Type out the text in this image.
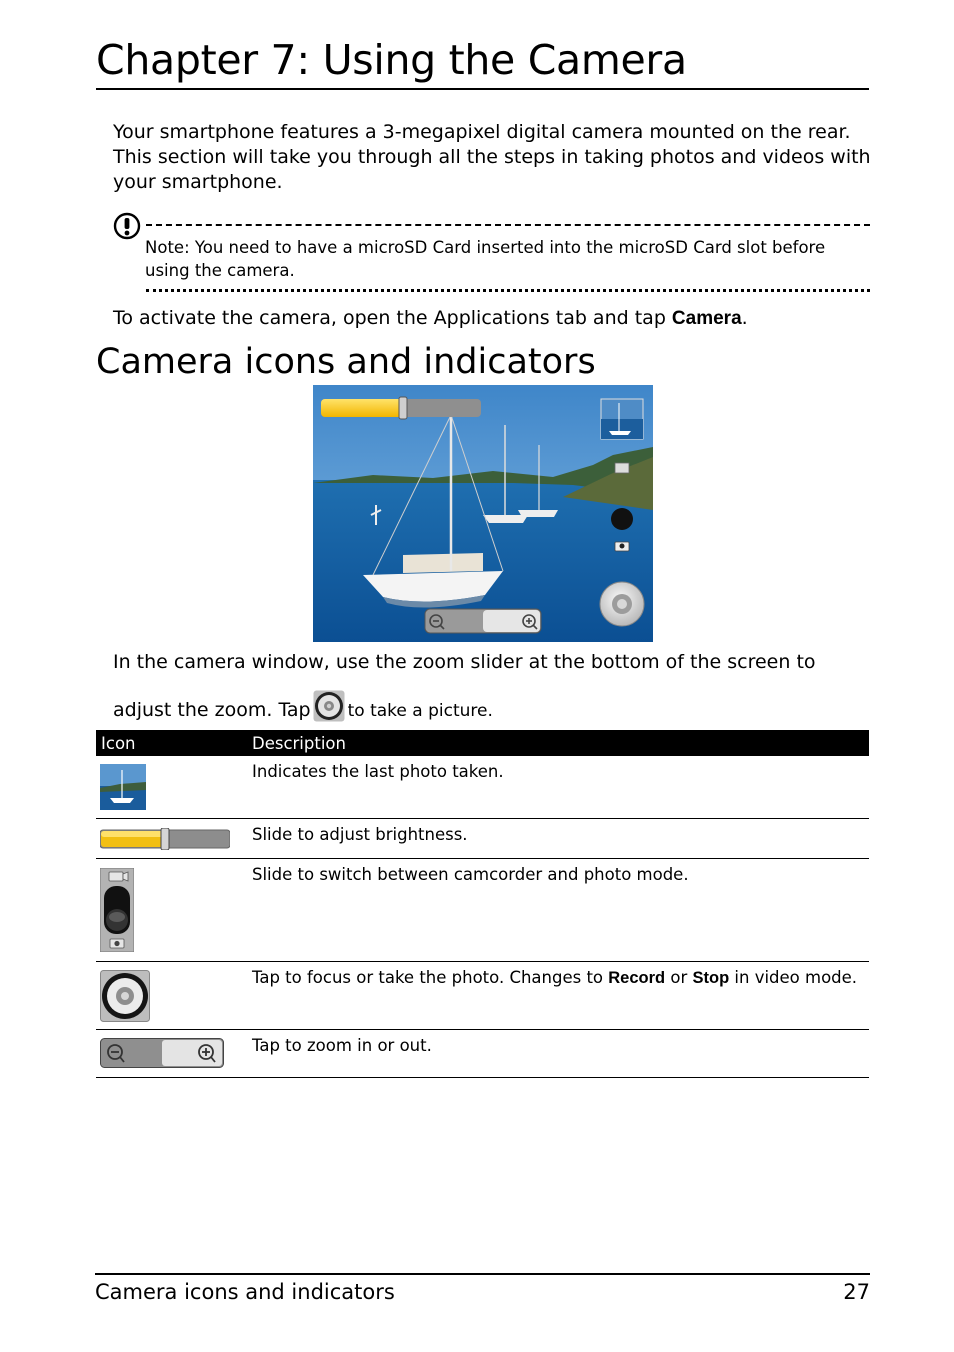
Chapter 7: Using the Camera

Your smartphone features a 3-megapixel digital camera mounted on the rear. This section will take you through all the steps in taking photos and videos with your smartphone.

Note: You need to have a microSD Card inserted into the microSD Card slot before using the camera.

To activate the camera, open the Applications tab and tap Camera.

Camera icons and indicators

In the camera window, use the zoom slider at the bottom of the screen to

adjust the zoom. Tap to take a picture.

Icon	Description
	Indicates the last photo taken.
	Slide to adjust brightness.
	Slide to switch between camcorder and photo mode.
	Tap to focus or take the photo. Changes to Record or Stop in video mode.
	Tap to zoom in or out.
Camera icons and indicators	27
